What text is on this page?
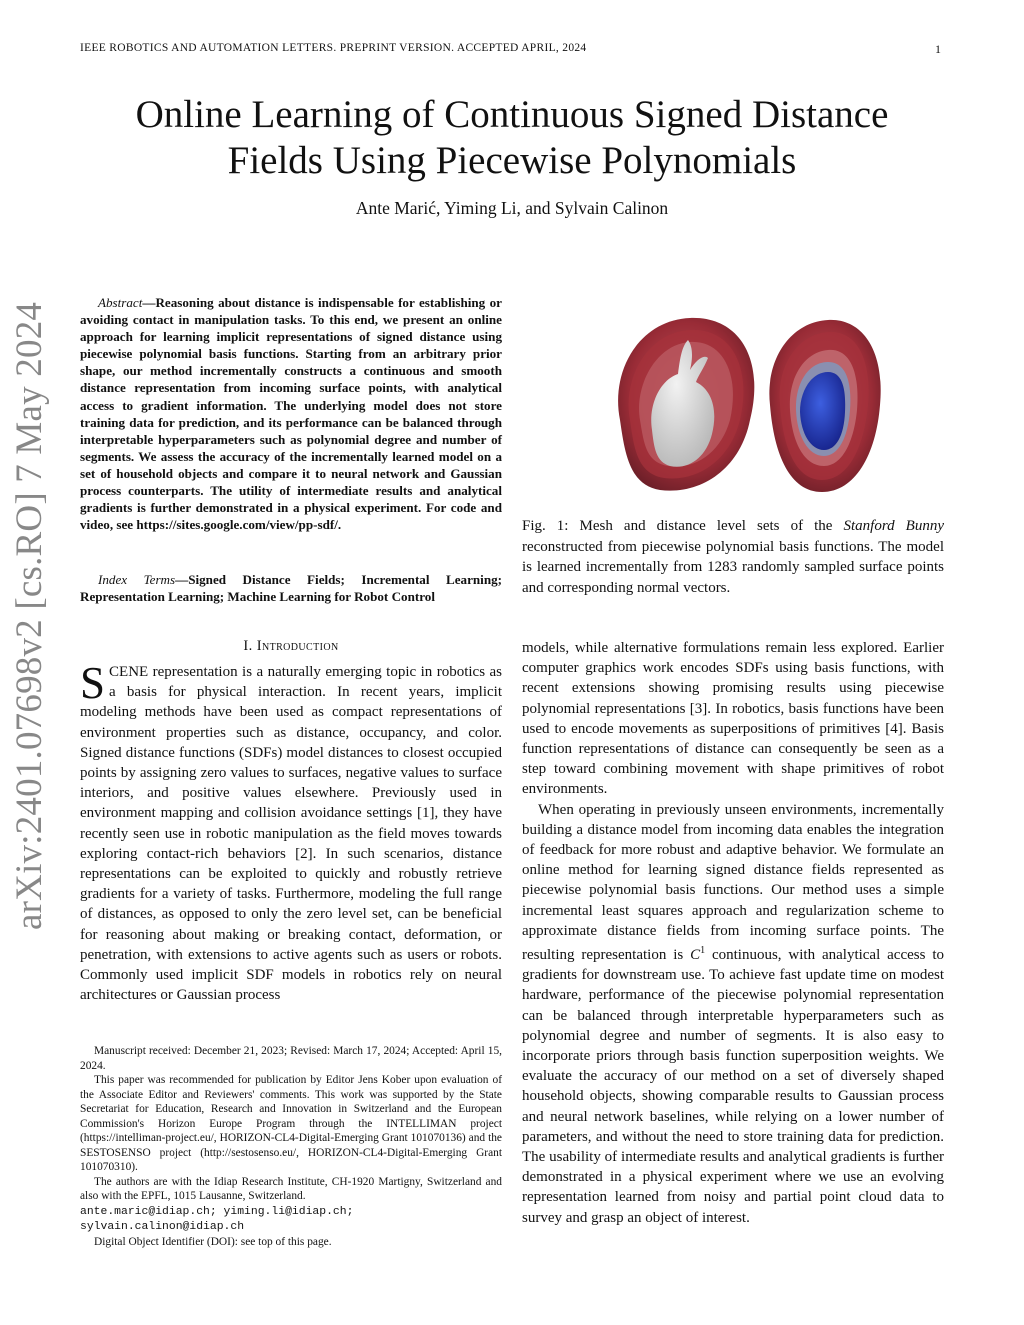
IEEE ROBOTICS AND AUTOMATION LETTERS. PREPRINT VERSION. ACCEPTED APRIL, 2024	1
arXiv:2401.07698v2 [cs.RO] 7 May 2024
Online Learning of Continuous Signed Distance
Fields Using Piecewise Polynomials
Ante Marić, Yiming Li, and Sylvain Calinon
Abstract—Reasoning about distance is indispensable for establishing or avoiding contact in manipulation tasks. To this end, we present an online approach for learning implicit representations of signed distance using piecewise polynomial basis functions. Starting from an arbitrary prior shape, our method incrementally constructs a continuous and smooth distance representation from incoming surface points, with analytical access to gradient information. The underlying model does not store training data for prediction, and its performance can be balanced through interpretable hyperparameters such as polynomial degree and number of segments. We assess the accuracy of the incrementally learned model on a set of household objects and compare it to neural network and Gaussian process counterparts. The utility of intermediate results and analytical gradients is further demonstrated in a physical experiment. For code and video, see https://sites.google.com/view/pp-sdf/.
Index Terms—Signed Distance Fields; Incremental Learning; Representation Learning; Machine Learning for Robot Control
Fig. 1: Mesh and distance level sets of the Stanford Bunny reconstructed from piecewise polynomial basis functions. The model is learned incrementally from 1283 randomly sampled surface points and corresponding normal vectors.
I. Introduction

SCENE representation is a naturally emerging topic in robotics as a basis for physical interaction. In recent years, implicit modeling methods have been used as compact representations of environment properties such as distance, occupancy, and color. Signed distance functions (SDFs) model distances to closest occupied points by assigning zero values to surfaces, negative values to surface interiors, and positive values elsewhere. Previously used in environment mapping and collision avoidance settings [1], they have recently seen use in robotic manipulation as the field moves towards exploring contact-rich behaviors [2]. In such scenarios, distance representations can be exploited to quickly and robustly retrieve gradients for a variety of tasks. Furthermore, modeling the full range of distances, as opposed to only the zero level set, can be beneficial for reasoning about making or breaking contact, deformation, or penetration, with extensions to active agents such as users or robots. Commonly used implicit SDF models in robotics rely on neural architectures or Gaussian process

models, while alternative formulations remain less explored. Earlier computer graphics work encodes SDFs using basis functions, with recent extensions showing promising results using piecewise polynomial representations [3]. In robotics, basis functions have been used to encode movements as superpositions of primitives [4]. Basis function representations of distance can consequently be seen as a step toward combining movement with shape primitives of robot environments.

When operating in previously unseen environments, incrementally building a distance model from incoming data enables the integration of feedback for more robust and adaptive behavior. We formulate an online method for learning signed distance fields represented as piecewise polynomial basis functions. Our method uses a simple incremental least squares approach and regularization scheme to approximate distance fields from incoming surface points. The resulting representation is $C^1$ continuous, with analytical access to gradients for downstream use. To achieve fast update time on modest hardware, performance of the piecewise polynomial representation can be balanced through interpretable hyperparameters such as polynomial degree and number of segments. It is also easy to incorporate priors through basis function superposition weights. We evaluate the accuracy of our method on a set of diversely shaped household objects, showing comparable results to Gaussian process and neural network baselines, while relying on a lower number of parameters, and without the need to store training data for prediction. The usability of intermediate results and analytical gradients is further demonstrated in a physical experiment where we use an evolving representation learned from noisy and partial point cloud data to survey and grasp an object of interest.

Manuscript received: December 21, 2023; Revised: March 17, 2024; Accepted: April 15, 2024.

This paper was recommended for publication by Editor Jens Kober upon evaluation of the Associate Editor and Reviewers' comments. This work was supported by the State Secretariat for Education, Research and Innovation in Switzerland and the European Commission's Horizon Europe Program through the INTELLIMAN project (https://intelliman-project.eu/, HORIZON-CL4-Digital-Emerging Grant 101070136) and the SESTOSENSO project (http://sestosenso.eu/, HORIZON-CL4-Digital-Emerging Grant 101070310).

The authors are with the Idiap Research Institute, CH-1920 Martigny, Switzerland and also with the EPFL, 1015 Lausanne, Switzerland.

ante.maric@idiap.ch; yiming.li@idiap.ch;
sylvain.calinon@idiap.ch

Digital Object Identifier (DOI): see top of this page.
